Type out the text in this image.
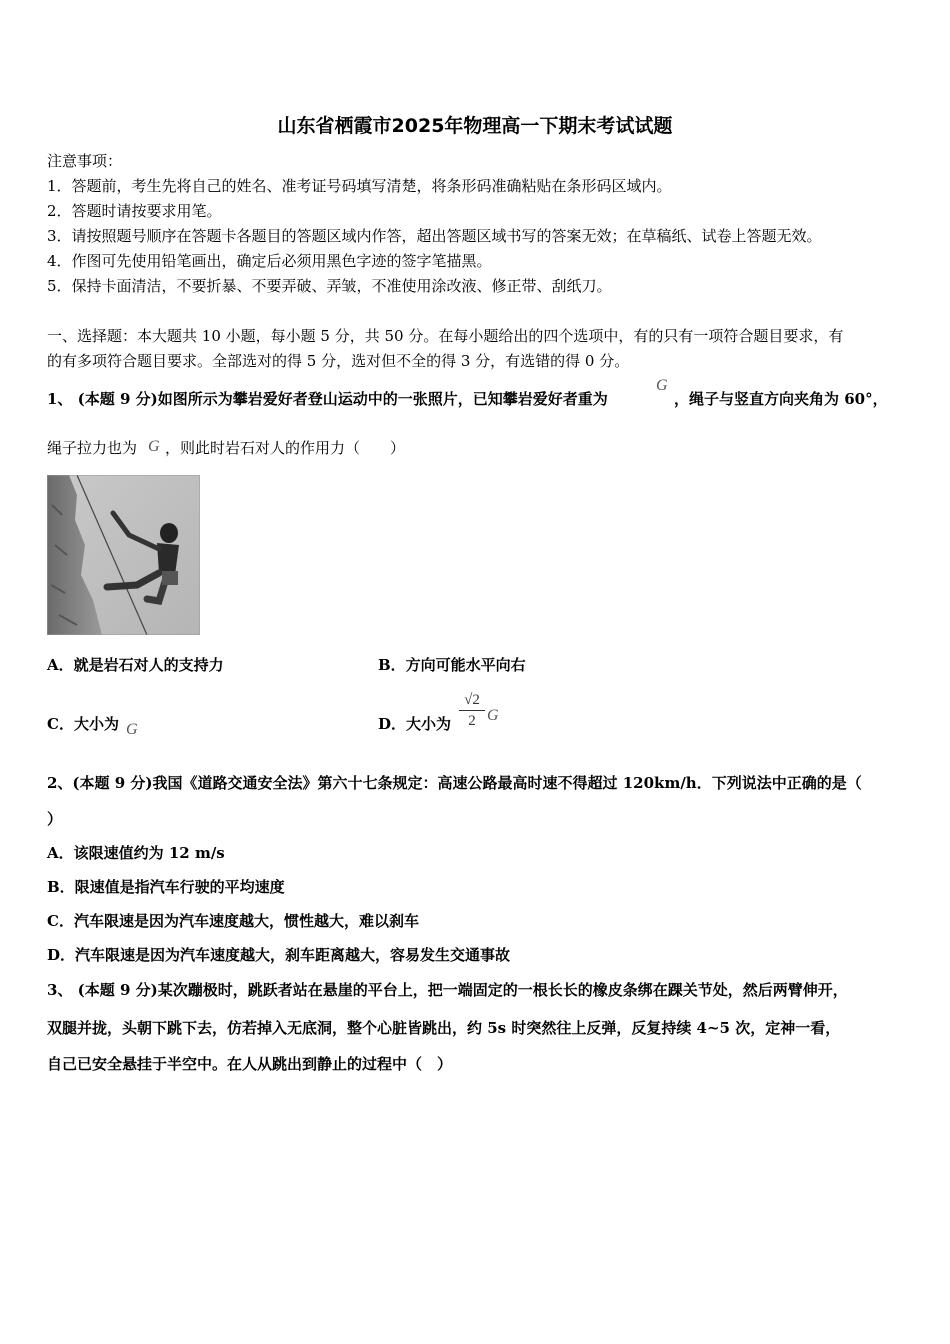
山东省栖霞市2025年物理高一下期末考试试题
注意事项：
1．答题前，考生先将自己的姓名、准考证号码填写清楚，将条形码准确粘贴在条形码区域内。
2．答题时请按要求用笔。
3．请按照题号顺序在答题卡各题目的答题区域内作答，超出答题区域书写的答案无效；在草稿纸、试卷上答题无效。
4．作图可先使用铅笔画出，确定后必须用黑色字迹的签字笔描黑。
5．保持卡面清洁，不要折暴、不要弄破、弄皱，不准使用涂改液、修正带、刮纸刀。
一、选择题：本大题共 10 小题，每小题 5 分，共 50 分。在每小题给出的四个选项中，有的只有一项符合题目要求，有
的有多项符合题目要求。全部选对的得 5 分，选对但不全的得 3 分，有选错的得 0 分。
1、 (本题 9 分)如图所示为攀岩爱好者登山运动中的一张照片，已知攀岩爱好者重为
G
，绳子与竖直方向夹角为 60°，
绳子拉力也为 G ，则此时岩石对人的作用力（　　）
A．就是岩石对人的支持力	B．方向可能水平向右
C．大小为 G	D．大小为
√2
2 G
2、(本题 9 分)我国《道路交通安全法》第六十七条规定：高速公路最高时速不得超过 120km/h．下列说法中正确的是（
）
A．该限速值约为 12 m/s
B．限速值是指汽车行驶的平均速度
C．汽车限速是因为汽车速度越大，惯性越大，难以刹车
D．汽车限速是因为汽车速度越大，刹车距离越大，容易发生交通事故
3、 (本题 9 分)某次蹦极时，跳跃者站在悬崖的平台上，把一端固定的一根长长的橡皮条绑在踝关节处，然后两臂伸开，
双腿并拢，头朝下跳下去，仿若掉入无底洞，整个心脏皆跳出，约 5s 时突然往上反弹，反复持续 4~5 次，定神一看，
自己已安全悬挂于半空中。在人从跳出到静止的过程中（　）
